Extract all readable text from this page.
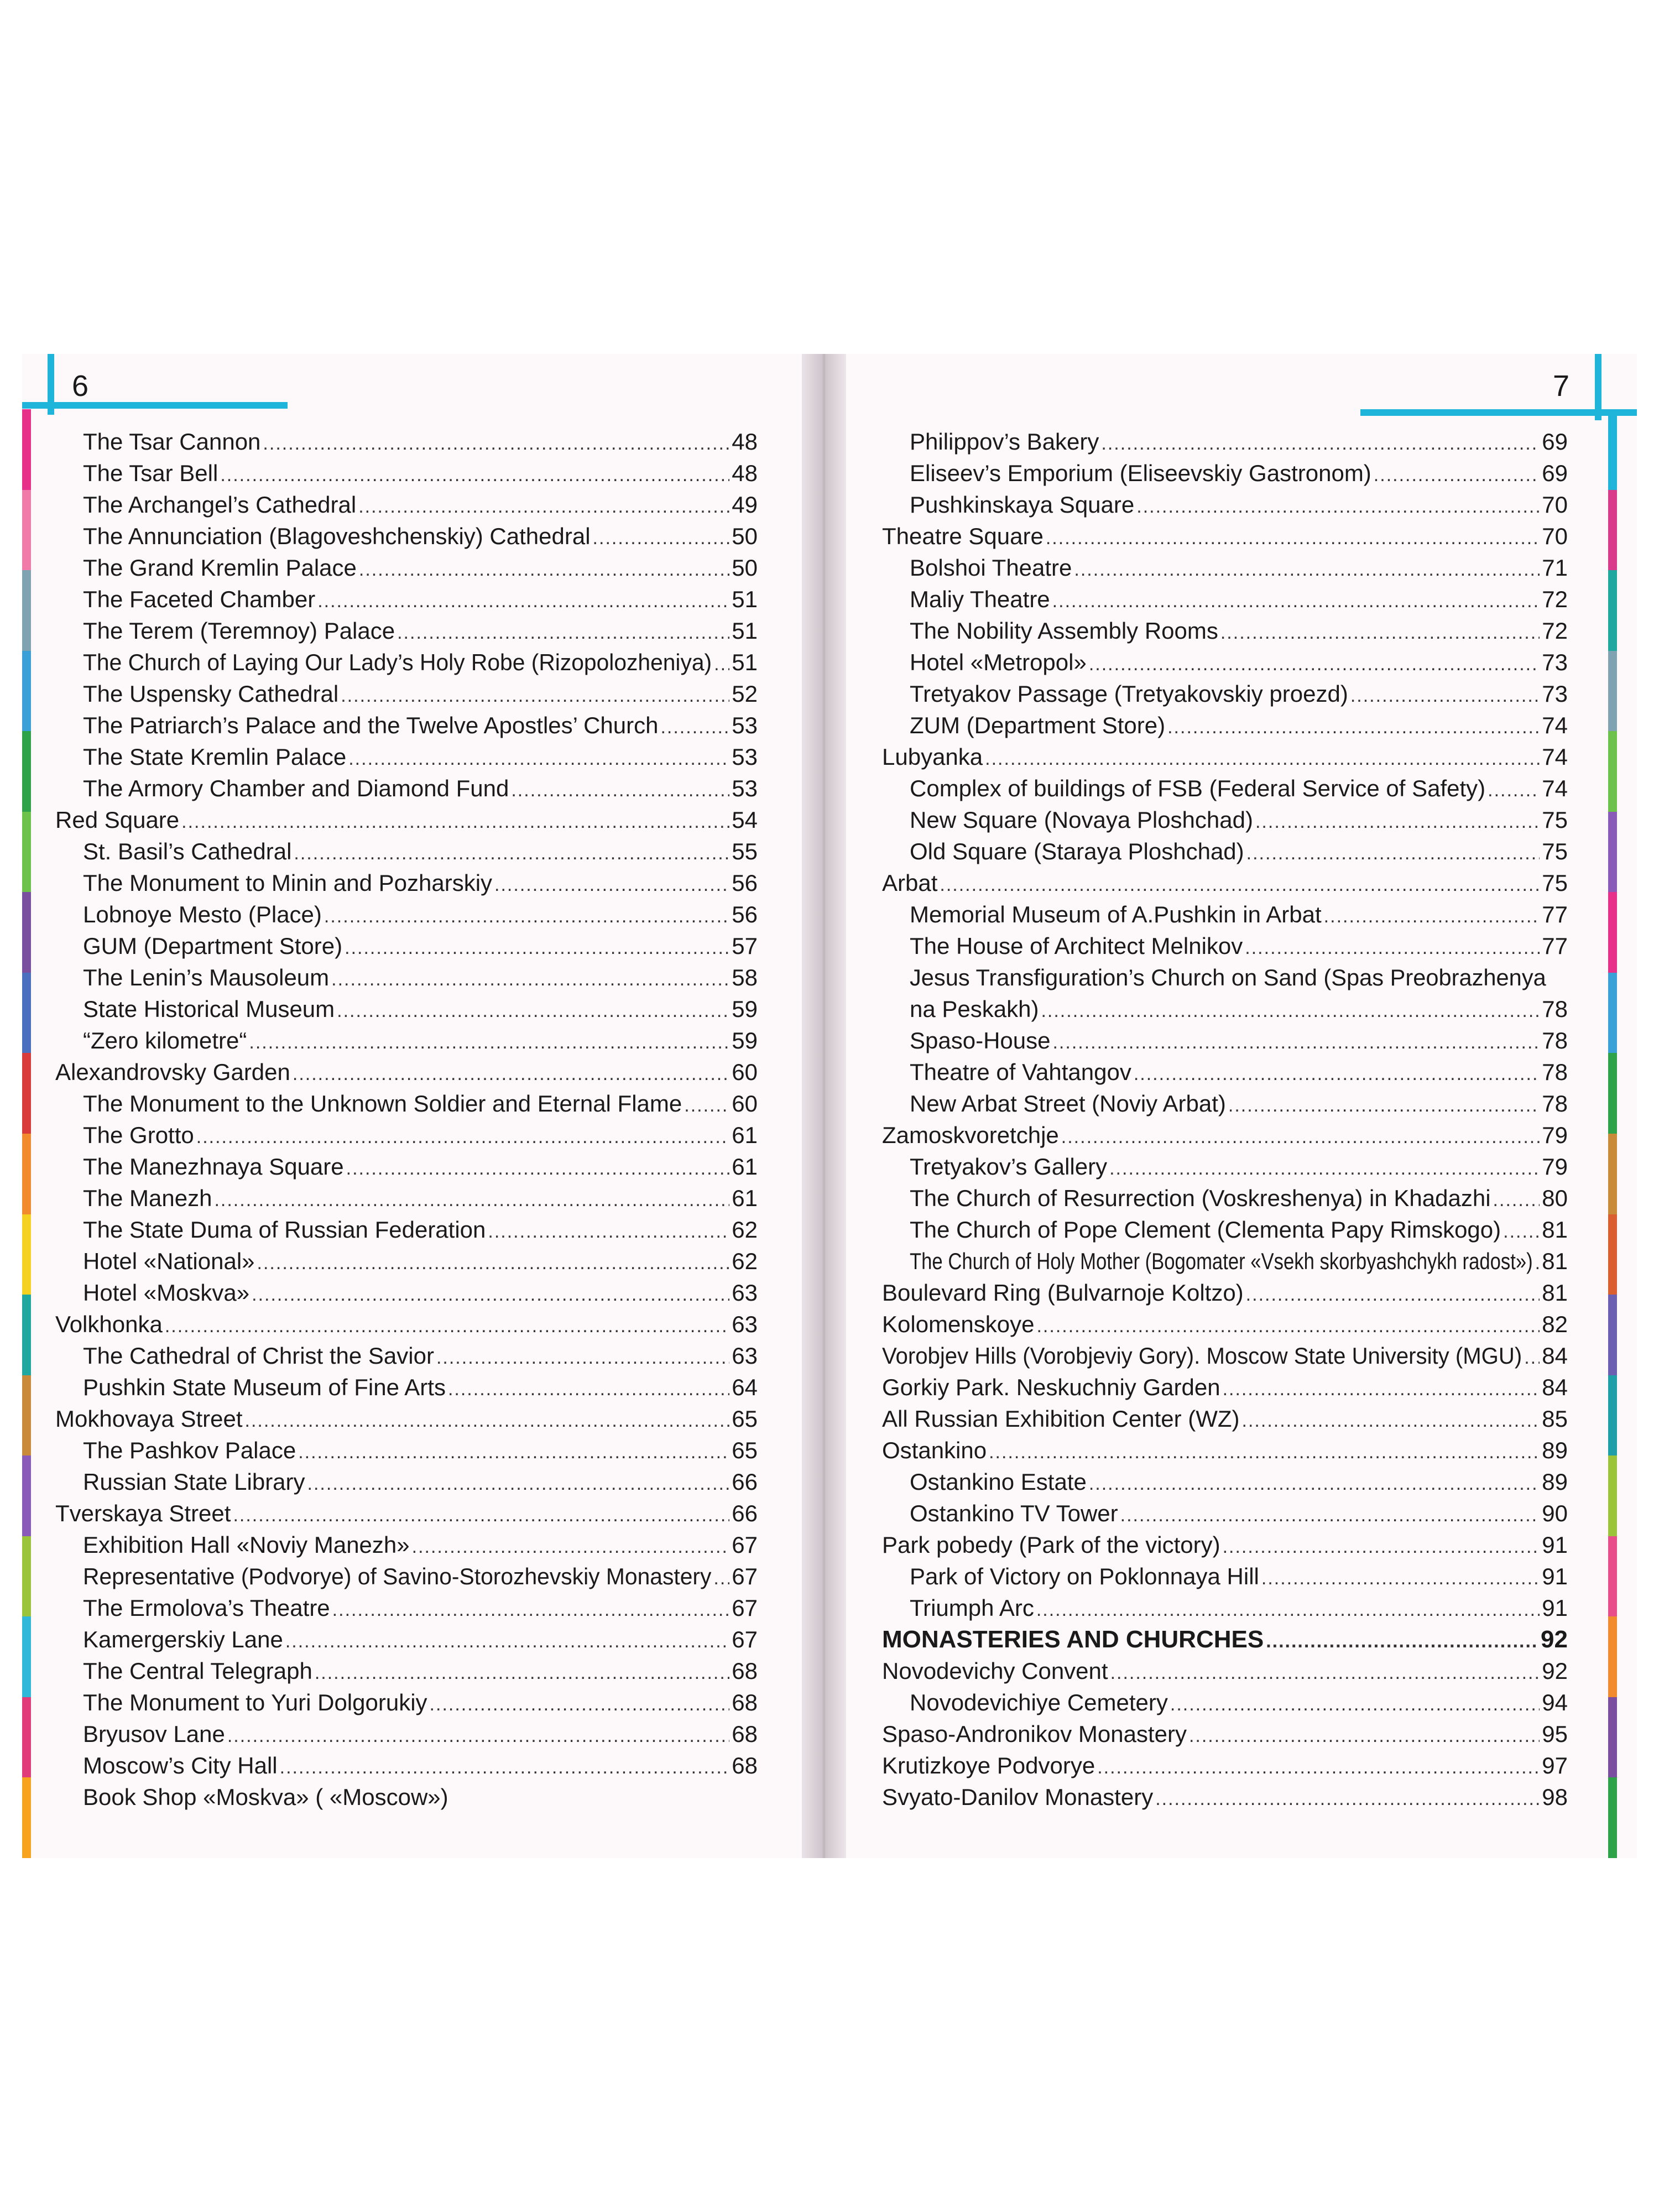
6	7
The Tsar Cannon .....	48
The Tsar Bell .....	48
The Archangel’s Cathedral .....	49
The Annunciation (Blagoveshchenskiy) Cathedral .....	50
The Grand Kremlin Palace .....	50
The Faceted Chamber .....	51
The Terem (Teremnoy) Palace .....	51
The Church of Laying Our Lady’s Holy Robe (Rizopolozheniya) ..... 51
The Uspensky Cathedral .....	52
The Patriarch’s Palace and the Twelve Apostles’ Church .....	53
The State Kremlin Palace .....	53
The Armory Chamber and Diamond Fund .....	53
Red Square .....	54
St. Basil’s Cathedral .....	55
The Monument to Minin and Pozharskiy .....	56
Lobnoye Mesto (Place) .....	56
GUM (Department Store) .....	57
The Lenin’s Mausoleum .....	58
State Historical Museum .....	59
“Zero kilometre“ .....	59
Alexandrovsky Garden .....	60
The Monument to the Unknown Soldier and Eternal Flame ..... 60
The Grotto .....	61
The Manezhnaya Square .....	61
The Manezh .....	61
The State Duma of Russian Federation .....	62
Hotel «National» .....	62
Hotel «Moskva» .....	63
Volkhonka .....	63
The Cathedral of Christ the Savior .....	63
Pushkin State Museum of Fine Arts .....	64
Mokhovaya Street .....	65
The Pashkov Palace .....	65
Russian State Library .....	66
Tverskaya Street .....	66
Exhibition Hall «Noviy Manezh» .....	67
Representative (Podvorye) of Savino-Storozhevskiy Monastery ..... 67
The Ermolova’s Theatre .....	67
Kamergerskiy Lane .....	67
The Central Telegraph .....	68
The Monument to Yuri Dolgorukiy .....	68
Bryusov Lane .....	68
Moscow’s City Hall .....	68
Book Shop «Moskva» ( «Moscow»)
Philippov’s Bakery .....	69
Eliseev’s Emporium (Eliseevskiy Gastronom) .....	69
Pushkinskaya Square .....	70
Theatre Square .....	70
Bolshoi Theatre .....	71
Maliy Theatre .....	72
The Nobility Assembly Rooms .....	72
Hotel «Metropol» .....	73
Tretyakov Passage (Tretyakovskiy proezd) .....	73
ZUM (Department Store) .....	74
Lubyanka .....	74
Complex of buildings of FSB (Federal Service of Safety) ..... 74
New Square (Novaya Ploshchad) .....	75
Old Square (Staraya Ploshchad) .....	75
Arbat .....	75
Memorial Museum of A.Pushkin in Arbat .....	77
The House of Architect Melnikov .....	77
Jesus Transfiguration’s Church on Sand (Spas Preobrazhenya
na Peskakh) .....	78
Spaso-House .....	78
Theatre of Vahtangov .....	78
New Arbat Street (Noviy Arbat) .....	78
Zamoskvoretchje .....	79
Tretyakov’s Gallery .....	79
The Church of Resurrection (Voskreshenya) in Khadazhi ..... 80
The Church of Pope Clement (Clementa Papy Rimskogo) ..... 81
The Church of Holy Mother (Bogomater «Vsekh skorbyashchykh radost») ..... 81
Boulevard Ring (Bulvarnoje Koltzo) .....	81
Kolomenskoye .....	82
Vorobjev Hills (Vorobjeviy Gory). Moscow State University (MGU) ..... 84
Gorkiy Park. Neskuchniy Garden .....	84
All Russian Exhibition Center (WZ) .....	85
Ostankino .....	89
Ostankino Estate .....	89
Ostankino TV Tower .....	90
Park pobedy (Park of the victory) .....	91
Park of Victory on Poklonnaya Hill .....	91
Triumph Arc .....	91
MONASTERIES AND CHURCHES .....	92
Novodevichy Convent .....	92
Novodevichiye Cemetery .....	94
Spaso-Andronikov Monastery .....	95
Krutizkoye Podvorye .....	97
Svyato-Danilov Monastery .....	98
